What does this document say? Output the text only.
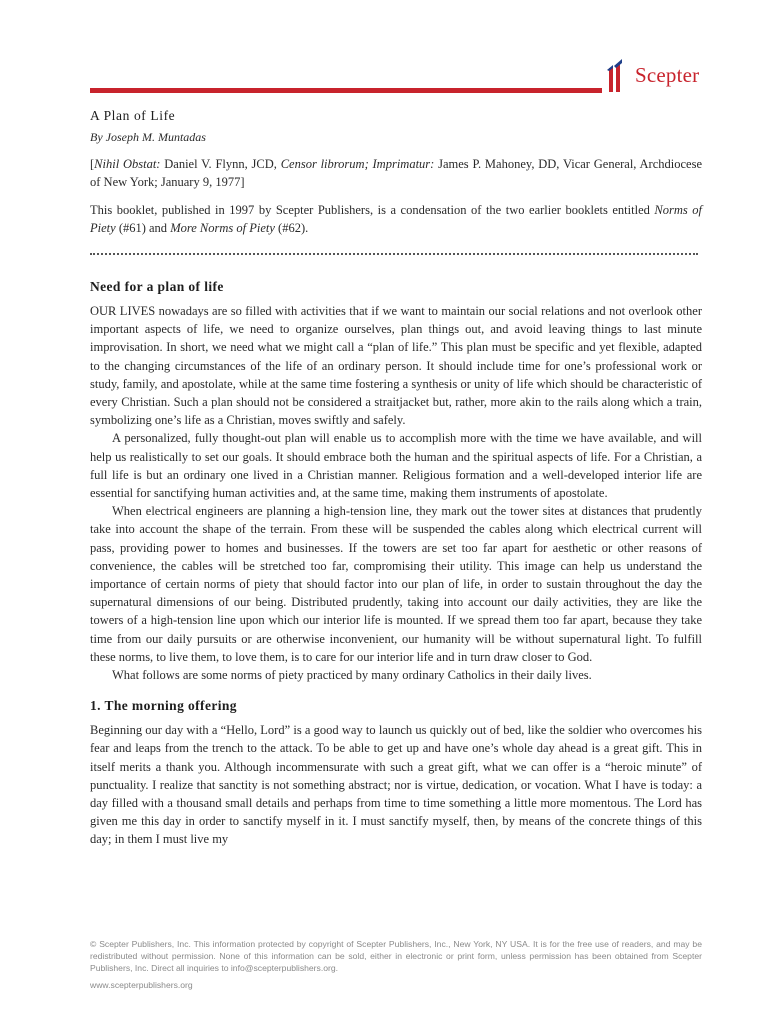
Scepter
A Plan of Life
By Joseph M. Muntadas

[Nihil Obstat: Daniel V. Flynn, JCD, Censor librorum; Imprimatur: James P. Mahoney, DD, Vicar General, Archdiocese of New York; January 9, 1977]

This booklet, published in 1997 by Scepter Publishers, is a condensation of the two earlier booklets entitled Norms of Piety (#61) and More Norms of Piety (#62).

Need for a plan of life

OUR LIVES nowadays are so filled with activities that if we want to maintain our social relations and not overlook other important aspects of life, we need to organize ourselves, plan things out, and avoid leaving things to last minute improvisation. In short, we need what we might call a “plan of life.” This plan must be specific and yet flexible, adapted to the changing circumstances of the life of an ordinary person. It should include time for one’s professional work or study, family, and apostolate, while at the same time fostering a synthesis or unity of life which should be characteristic of every Christian. Such a plan should not be considered a straitjacket but, rather, more akin to the rails along which a train, symbolizing one’s life as a Christian, moves swiftly and safely.

A personalized, fully thought-out plan will enable us to accomplish more with the time we have available, and will help us realistically to set our goals. It should embrace both the human and the spiritual aspects of life. For a Christian, a full life is but an ordinary one lived in a Christian manner. Religious formation and a well-developed interior life are essential for sanctifying human activities and, at the same time, making them instruments of apostolate.

When electrical engineers are planning a high-tension line, they mark out the tower sites at distances that prudently take into account the shape of the terrain. From these will be suspended the cables along which electrical current will pass, providing power to homes and businesses. If the towers are set too far apart for aesthetic or other reasons of convenience, the cables will be stretched too far, compromising their utility. This image can help us understand the importance of certain norms of piety that should factor into our plan of life, in order to sustain throughout the day the supernatural dimensions of our being. Distributed prudently, taking into account our daily activities, they are like the towers of a high-tension line upon which our interior life is mounted. If we spread them too far apart, because they take time from our daily pursuits or are otherwise inconvenient, our humanity will be without supernatural light. To fulfill these norms, to live them, to love them, is to care for our interior life and in turn draw closer to God.

What follows are some norms of piety practiced by many ordinary Catholics in their daily lives.

1. The morning offering

Beginning our day with a “Hello, Lord” is a good way to launch us quickly out of bed, like the soldier who overcomes his fear and leaps from the trench to the attack. To be able to get up and have one’s whole day ahead is a great gift. This in itself merits a thank you. Although incommensurate with such a great gift, what we can offer is a “heroic minute” of punctuality. I realize that sanctity is not something abstract; nor is virtue, dedication, or vocation. What I have is today: a day filled with a thousand small details and perhaps from time to time something a little more momentous. The Lord has given me this day in order to sanctify myself in it. I must sanctify myself, then, by means of the concrete things of this day; in them I must live my

© Scepter Publishers, Inc. This information protected by copyright of Scepter Publishers, Inc., New York, NY USA. It is for the free use of readers, and may be redistributed without permission. None of this information can be sold, either in electronic or print form, unless permission has been obtained from Scepter Publishers, Inc. Direct all inquiries to info@scepterpublishers.org.
www.scepterpublishers.org
